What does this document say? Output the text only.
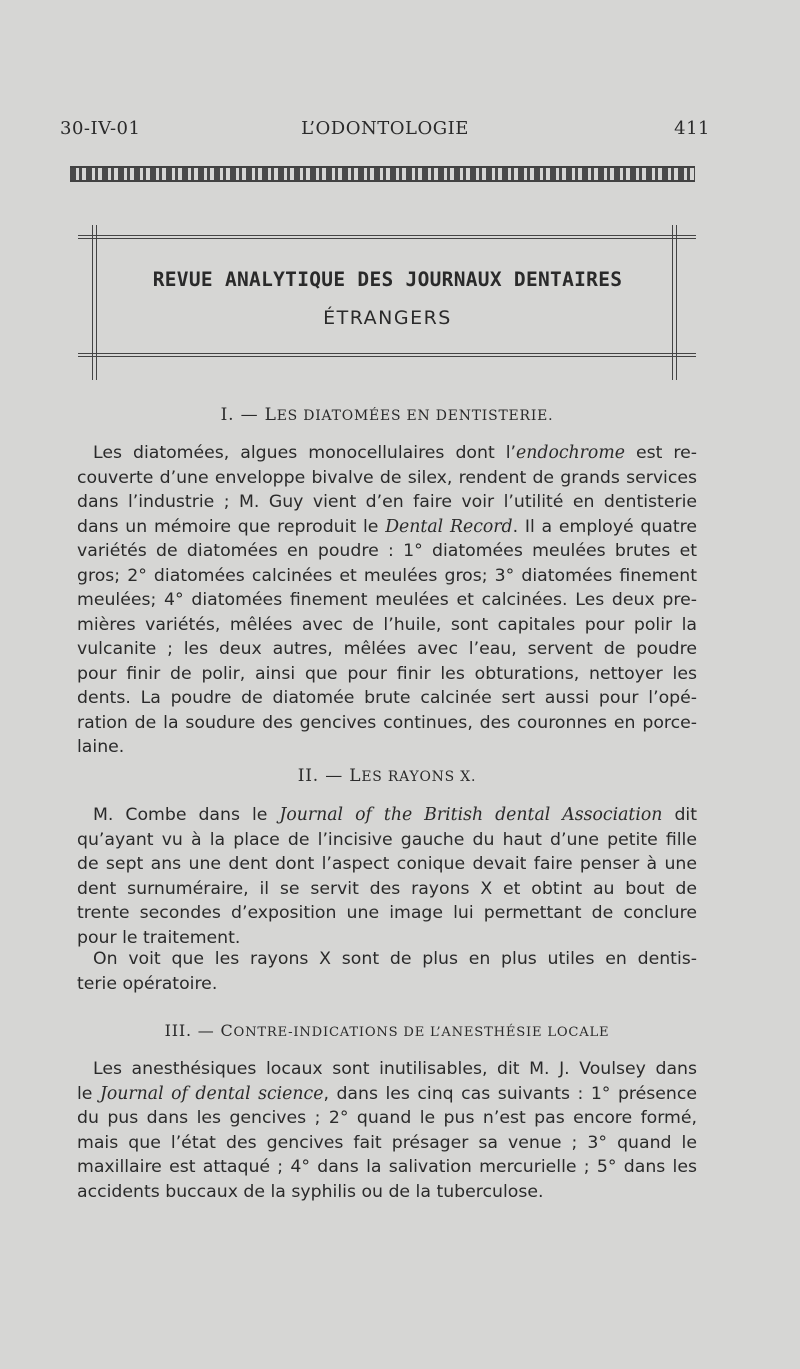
30-IV-01	L’ODONTOLOGIE	411
REVUE ANALYTIQUE DES JOURNAUX DENTAIRES
ÉTRANGERS
I. — LES DIATOMÉES EN DENTISTERIE.
Les diatomées, algues monocellulaires dont l’endochrome est re-
couverte d’une enveloppe bivalve de silex, rendent de grands services
dans l’industrie ; M. Guy vient d’en faire voir l’utilité en dentisterie
dans un mémoire que reproduit le Dental Record. Il a employé quatre
variétés de diatomées en poudre : 1° diatomées meulées brutes et
gros; 2° diatomées calcinées et meulées gros; 3° diatomées finement
meulées; 4° diatomées finement meulées et calcinées. Les deux pre-
mières variétés, mêlées avec de l’huile, sont capitales pour polir la
vulcanite ; les deux autres, mêlées avec l’eau, servent de poudre
pour finir de polir, ainsi que pour finir les obturations, nettoyer les
dents. La poudre de diatomée brute calcinée sert aussi pour l’opé-
ration de la soudure des gencives continues, des couronnes en porce-
laine.
II. — LES RAYONS X.
M. Combe dans le Journal of the British dental Association dit
qu’ayant vu à la place de l’incisive gauche du haut d’une petite fille
de sept ans une dent dont l’aspect conique devait faire penser à une
dent surnuméraire, il se servit des rayons X et obtint au bout de
trente secondes d’exposition une image lui permettant de conclure
pour le traitement.
On voit que les rayons X sont de plus en plus utiles en dentis-
terie opératoire.
III. — CONTRE-INDICATIONS DE L’ANESTHÉSIE LOCALE
Les anesthésiques locaux sont inutilisables, dit M. J. Voulsey dans
le Journal of dental science, dans les cinq cas suivants : 1° présence
du pus dans les gencives ; 2° quand le pus n’est pas encore formé,
mais que l’état des gencives fait présager sa venue ; 3° quand le
maxillaire est attaqué ; 4° dans la salivation mercurielle ; 5° dans les
accidents buccaux de la syphilis ou de la tuberculose.
